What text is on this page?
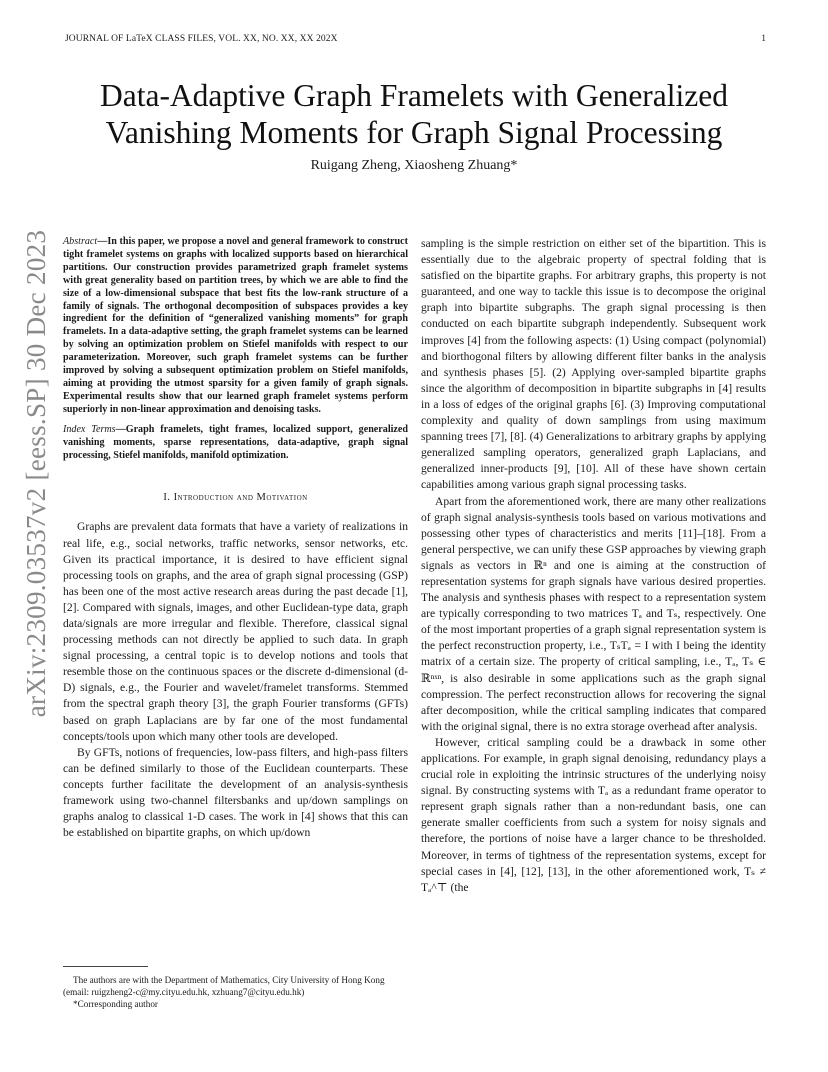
JOURNAL OF LaTeX CLASS FILES, VOL. XX, NO. XX, XX 202X	1
arXiv:2309.03537v2 [eess.SP] 30 Dec 2023
Data-Adaptive Graph Framelets with Generalized Vanishing Moments for Graph Signal Processing
Ruigang Zheng, Xiaosheng Zhuang*

Abstract—In this paper, we propose a novel and general framework to construct tight framelet systems on graphs with localized supports based on hierarchical partitions. Our construction provides parametrized graph framelet systems with great generality based on partition trees, by which we are able to find the size of a low-dimensional subspace that best fits the low-rank structure of a family of signals. The orthogonal decomposition of subspaces provides a key ingredient for the definition of “generalized vanishing moments” for graph framelets. In a data-adaptive setting, the graph framelet systems can be learned by solving an optimization problem on Stiefel manifolds with respect to our parameterization. Moreover, such graph framelet systems can be further improved by solving a subsequent optimization problem on Stiefel manifolds, aiming at providing the utmost sparsity for a given family of graph signals. Experimental results show that our learned graph framelet systems perform superiorly in non-linear approximation and denoising tasks.

Index Terms—Graph framelets, tight frames, localized support, generalized vanishing moments, sparse representations, data-adaptive, graph signal processing, Stiefel manifolds, manifold optimization.

I. Introduction and Motivation

Graphs are prevalent data formats that have a variety of realizations in real life, e.g., social networks, traffic networks, sensor networks, etc. Given its practical importance, it is desired to have efficient signal processing tools on graphs, and the area of graph signal processing (GSP) has been one of the most active research areas during the past decade [1], [2]. Compared with signals, images, and other Euclidean-type data, graph data/signals are more irregular and flexible. Therefore, classical signal processing methods can not directly be applied to such data. In graph signal processing, a central topic is to develop notions and tools that resemble those on the continuous spaces or the discrete d-dimensional (d-D) signals, e.g., the Fourier and wavelet/framelet transforms. Stemmed from the spectral graph theory [3], the graph Fourier transforms (GFTs) based on graph Laplacians are by far one of the most fundamental concepts/tools upon which many other tools are developed.

By GFTs, notions of frequencies, low-pass filters, and high-pass filters can be defined similarly to those of the Euclidean counterparts. These concepts further facilitate the development of an analysis-synthesis framework using two-channel filtersbanks and up/down samplings on graphs analog to classical 1-D cases. The work in [4] shows that this can be established on bipartite graphs, on which up/down

sampling is the simple restriction on either set of the bipartition. This is essentially due to the algebraic property of spectral folding that is satisfied on the bipartite graphs. For arbitrary graphs, this property is not guaranteed, and one way to tackle this issue is to decompose the original graph into bipartite subgraphs. The graph signal processing is then conducted on each bipartite subgraph independently. Subsequent work improves [4] from the following aspects: (1) Using compact (polynomial) and biorthogonal filters by allowing different filter banks in the analysis and synthesis phases [5]. (2) Applying over-sampled bipartite graphs since the algorithm of decomposition in bipartite subgraphs in [4] results in a loss of edges of the original graphs [6]. (3) Improving computational complexity and quality of down samplings from using maximum spanning trees [7], [8]. (4) Generalizations to arbitrary graphs by applying generalized sampling operators, generalized graph Laplacians, and generalized inner-products [9], [10]. All of these have shown certain capabilities among various graph signal processing tasks.

Apart from the aforementioned work, there are many other realizations of graph signal analysis-synthesis tools based on various motivations and possessing other types of characteristics and merits [11]–[18]. From a general perspective, we can unify these GSP approaches by viewing graph signals as vectors in ℝⁿ and one is aiming at the construction of representation systems for graph signals have various desired properties. The analysis and synthesis phases with respect to a representation system are typically corresponding to two matrices Tₐ and Tₛ, respectively. One of the most important properties of a graph signal representation system is the perfect reconstruction property, i.e., TₛTₐ = I with I being the identity matrix of a certain size. The property of critical sampling, i.e., Tₐ, Tₛ ∈ ℝⁿˣⁿ, is also desirable in some applications such as the graph signal compression. The perfect reconstruction allows for recovering the signal after decomposition, while the critical sampling indicates that compared with the original signal, there is no extra storage overhead after analysis.

However, critical sampling could be a drawback in some other applications. For example, in graph signal denoising, redundancy plays a crucial role in exploiting the intrinsic structures of the underlying noisy signal. By constructing systems with Tₐ as a redundant frame operator to represent graph signals rather than a non-redundant basis, one can generate smaller coefficients from such a system for noisy signals and therefore, the portions of noise have a larger chance to be thresholded. Moreover, in terms of tightness of the representation systems, except for special cases in [4], [12], [13], in the other aforementioned work, Tₛ ≠ Tₐ^⊤ (the

The authors are with the Department of Mathematics, City University of Hong Kong (email: ruigzheng2-c@my.cityu.edu.hk, xzhuang7@cityu.edu.hk)

*Corresponding author
